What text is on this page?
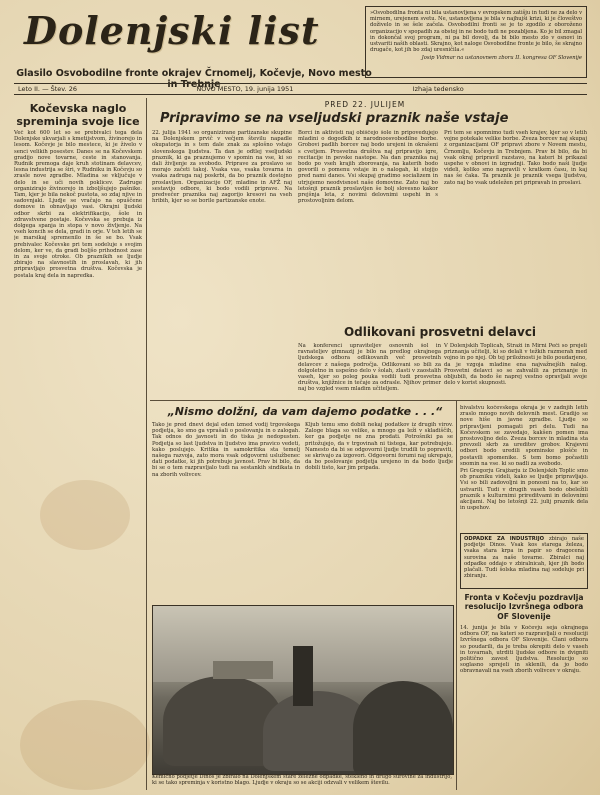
Dolenjski list
Glasilo Osvobodilne fronte okrajev Črnomelj, Kočevje, Novo mesto in Trebnje
»Osvobodilna fronta ni bila ustanovljena v evropskem zatišju in tudi ne za delo v mirnem, urejenem svetu. Ne, ustanovljena je bila v najhujši krizi, ki je človeštvo doživelo in se šele začela. Osvobodilni fronti se je to zgodilo z oboroženo organizacijo v spopadih za obstoj in ne bodo tudi ne pozabljena. Ko je bil zmagal in dokončal svoj program, ni pa bil dovolj, da bi bilo mesto zlo v osnovi in ustvariti naših oblasti. Skrajno, kot naloge Osvobodilne fronte je bilo, še skrajno drugače, kot jih bo zdaj uresničila.«
Josip Vidmar na ustanovnem zboru II. kongresa OF Slovenije
Leto II. — Štev. 26	NOVO MESTO, 19. junija 1951	Izhaja tedensko
Kočevska naglo spreminja svoje lice
Več kot 600 let so se prebivalci tega dela Dolenjske ukvarjali s kmetijstvom, živinorejo in lesom. Kočevje je bilo mestece, ki je živelo v senci velikih posestev. Danes se na Kočevskem gradijo nove tovarne, ceste in stanovanja. Rudnik premoga daje kruh stotinam delavcev, lesna industrija se širi, v Rudniku in Kočevju so zrasle nove zgradbe. Mladina se vključuje v delo in se uči novih poklicev. Zadruge organizirajo živinorejo in izboljšujejo pašnike. Tam, kjer je bila nekoč pustota, so zdaj njive in sadovnjaki. Ljudje se vračajo na opuščene domove in obnavljajo vasi. Okrajni ljudski odbor skrbi za elektrifikacijo, šole in zdravstvene postaje. Kočevska se prebuja iz dolgega spanja in stopa v novo življenje. Na vseh koncih se dela, gradi in orje. V teh letih se je marsikaj spremenilo in še se bo. Vsak prebivalec Kočevske pri tem sodeluje s svojim delom, ker ve, da gradi boljšo prihodnost zase in za svoje otroke. Ob praznikih se ljudje zbirajo na slavnostih in proslavah, ki jih pripravljajo prosvetna društva. Kočevska je postala kraj dela in napredka.
PRED 22. JULIJEM
Pripravimo se na vseljudski praznik naše vstaje
22. julija 1941 so organizirane partizanske skupine na Dolenjskem prvič v večjem številu napadle okupatorja in s tem dale znak za splošno vstajo slovenskega ljudstva. Ta dan je odtlej vseljudski praznik, ki ga praznujemo v spomin na vse, ki so dali življenje za svobodo. Priprave za proslavo se morajo začeti takoj. Vsaka vas, vsaka tovarna in vsaka zadruga naj poskrbi, da bo praznik dostojno proslavljen. Organizacije OF, mladine in AFŽ naj sestavijo odbore, ki bodo vodili priprave. Na predvečer praznika naj zagorijo kresovi na vseh hribih, kjer so se borile partizanske enote.
Borci in aktivisti naj obiščejo šole in pripovedujejo mladini o dogodkih iz narodnoosvobodilne borbe. Grobovi padlih borcev naj bodo urejeni in okrašeni s cvetjem. Prosvetna društva naj pripravijo igre, recitacije in pevske nastope. Na dan praznika naj bodo po vseh krajih zborovanja, na katerih bodo govorili o pomenu vstaje in o nalogah, ki stojijo pred nami danes. Vsi skupaj gradimo socializem in utrjujemo neodvisnost naše domovine. Zato naj bo letošnji praznik proslavljen še bolj slovesno kakor prejšnja leta, z novimi delovnimi uspehi in s prostovoljnim delom.
Pri tem se spomnimo tudi vseh krajev, kjer so v letih vojne potekale velike borbe. Zveza borcev naj skupaj z organizacijami OF pripravi zbore v Novem mestu, Črnomlju, Kočevju in Trebnjem. Prav bi bilo, da bi vsak okraj pripravil razstavo, na kateri bi prikazal uspehe v obnovi in izgradnji. Tako bodo naši ljudje videli, koliko smo napravili v kratkem času, in kaj nas še čaka. Ta praznik je praznik vsega ljudstva, zato naj bo vsak udeležen pri pripravah in proslavi.
Odlikovani prosvetni delavci
Na konferenci upraviteljev osnovnih šol in ravnateljev gimnazij je bilo na predlog okrajnega ljudskega odbora odlikovanih več prosvetnih delavcev z našega področja. Odlikovani so bili za dolgoletno in uspešno delo v šolah, zlasti v zaostalih vaseh, kjer so poleg pouka vodili tudi prosvetna društva, knjižnice in tečaje za odrasle. Njihov primer naj bo vzgled vsem mladim učiteljem.
V Dolenjskih Toplicah, Straži in Mirni Peči so prejeli priznanja učitelji, ki so delali v težkih razmerah med vojno in po njej. Ob tej priložnosti je bilo poudarjeno, da je vzgoja mladine ena najvažnejših nalog. Prosvetni delavci so se zahvalili za priznanje in obljubili, da bodo še naprej vestno opravljali svoje delo v korist skupnosti.
„Nismo dolžni, da vam dajemo podatke . . .“
Tako je pred dnevi dejal eden izmed vodij trgovskega podjetja, ko smo ga vprašali o poslovanju in o zalogah. Tak odnos do javnosti in do tiska je nedopusten. Podjetja so last ljudstva in ljudstvo ima pravico vedeti, kako poslujejo. Kritika in samokritika sta temelj našega razvoja, zato mora vsak odgovorni uslužbenec dati podatke, ki jih potrebuje javnost. Prav bi bilo, da bi se o tem razpravljalo tudi na sestankih sindikata in na zborih volivcev.
Kljub temu smo dobili nekaj podatkov iz drugih virov. Zaloge blaga so velike, a mnogo ga leži v skladiščih, ker ga podjetje ne zna prodati. Potrošniki pa se pritožujejo, da v trgovinah ni tistega, kar potrebujejo. Namesto da bi se odgovorni ljudje trudili to popraviti, se skrivajo za izgovori. Odgovorni forumi naj ukrepajo, da bo poslovanje podjetja urejeno in da bodo ljudje dobili tisto, kar jim pripada.
bivalstvu kočevskega okraja je v zadnjih letih zraslo mnogo novih delovnih mest. Gradijo se nove hiše in javne zgradbe. Ljudje so pripravljeni pomagati pri delu. Tudi na Kočevskem se zavedajo, kakšen pomen ima prostovoljno delo. Zveza borcev in mladina sta prevzeli skrb za ureditev grobov. Krajevni odbori bodo uredili spominske plošče in postavili spomenike. S tem bomo počastili spomin na vse, ki so padli za svobodo.
Pri Gregorju Grajžarju iz Dolenjskih Toplic smo ob prazniku videli, kako se ljudje pripravljajo. Vsi so bili zadovoljni in ponosni na to, kar so ustvarili. Tudi v drugih vaseh bodo obeležili praznik s kulturnimi prireditvami in delovnimi akcijami. Naj bo letošnji 22. julij praznik dela in uspehov.
ODPADKE ZA INDUSTRIJO zbirajo naše podjetje Dinos. Vsak kos starega železa, vsaka stara krpa in papir so dragocena surovina za naše tovarne. Zbiralci naj odpadke oddajo v zbiralnicah, kjer jih bodo plačali. Tudi šolska mladina naj sodeluje pri zbiranju.
Fronta v Kočevju pozdravlja resolucijo Izvršnega odbora OF Slovenije
14. junija je bila v Kočevju seja okrajnega odbora OF, na kateri so razpravljali o resoluciji Izvršnega odbora OF Slovenije. Člani odbora so poudarili, da je treba okrepiti delo v vaseh in tovarnah, utrditi ljudske odbore in dvigniti politično zavest ljudstva. Resolucijo so soglasno sprejeli in sklenili, da jo bodo obravnavali na vseh zborih volivcev v okraju.
Kemično podjetje Dinos je zbiralo na Dolenjskem stare železne odpadke, stekleno in drugo surovine za industrijo, ki se tako spreminja v koristno blago. Ljudje v okraju so se akciji odzvali v velikem številu.
